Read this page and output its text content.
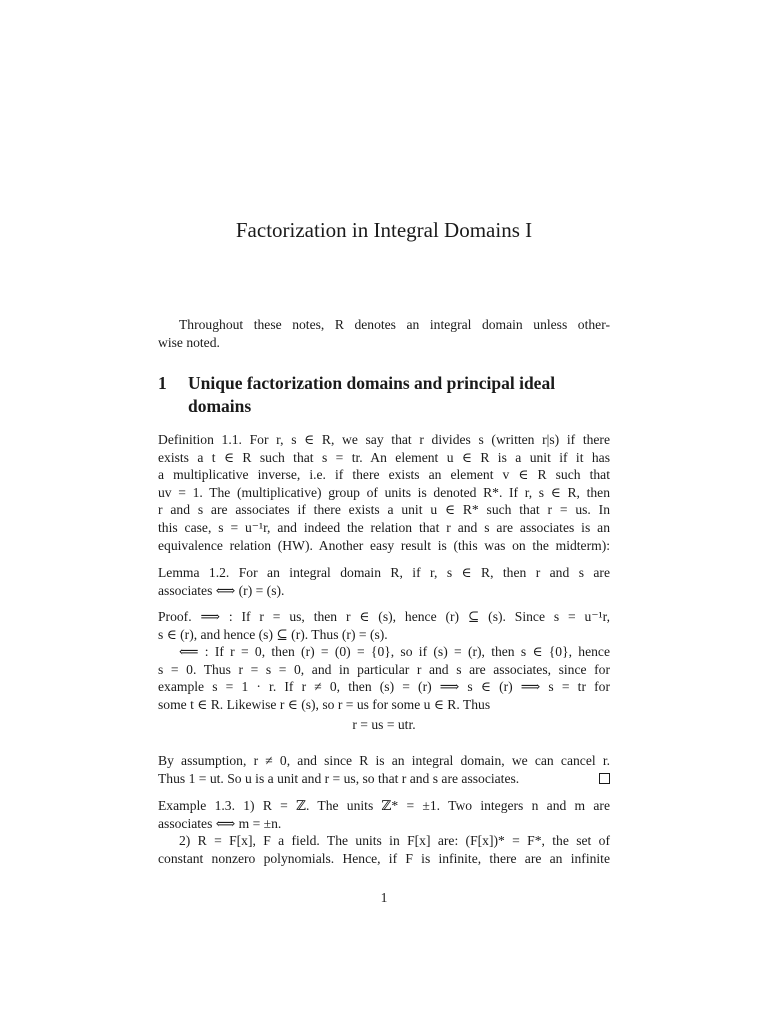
Factorization in Integral Domains I
Throughout these notes, R denotes an integral domain unless other-
wise noted.
1 Unique factorization domains and principal ideal domains
Definition 1.1. For r, s ∈ R, we say that r divides s (written r|s) if there
exists a t ∈ R such that s = tr. An element u ∈ R is a unit if it has
a multiplicative inverse, i.e. if there exists an element v ∈ R such that
uv = 1. The (multiplicative) group of units is denoted R*. If r, s ∈ R, then
r and s are associates if there exists a unit u ∈ R* such that r = us. In
this case, s = u⁻¹r, and indeed the relation that r and s are associates is an
equivalence relation (HW). Another easy result is (this was on the midterm):
Lemma 1.2. For an integral domain R, if r, s ∈ R, then r and s are
associates ⟺ (r) = (s).
Proof. ⟹ : If r = us, then r ∈ (s), hence (r) ⊆ (s). Since s = u⁻¹r,
s ∈ (r), and hence (s) ⊆ (r). Thus (r) = (s).
⟸ : If r = 0, then (r) = (0) = {0}, so if (s) = (r), then s ∈ {0}, hence
s = 0. Thus r = s = 0, and in particular r and s are associates, since for
example s = 1 · r. If r ≠ 0, then (s) = (r) ⟹ s ∈ (r) ⟹ s = tr for
some t ∈ R. Likewise r ∈ (s), so r = us for some u ∈ R. Thus
r = us = utr.
By assumption, r ≠ 0, and since R is an integral domain, we can cancel r.
Thus 1 = ut. So u is a unit and r = us, so that r and s are associates.
Example 1.3. 1) R = ℤ. The units ℤ* = ±1. Two integers n and m are
associates ⟺ m = ±n.
2) R = F[x], F a field. The units in F[x] are: (F[x])* = F*, the set of
constant nonzero polynomials. Hence, if F is infinite, there are an infinite
1
